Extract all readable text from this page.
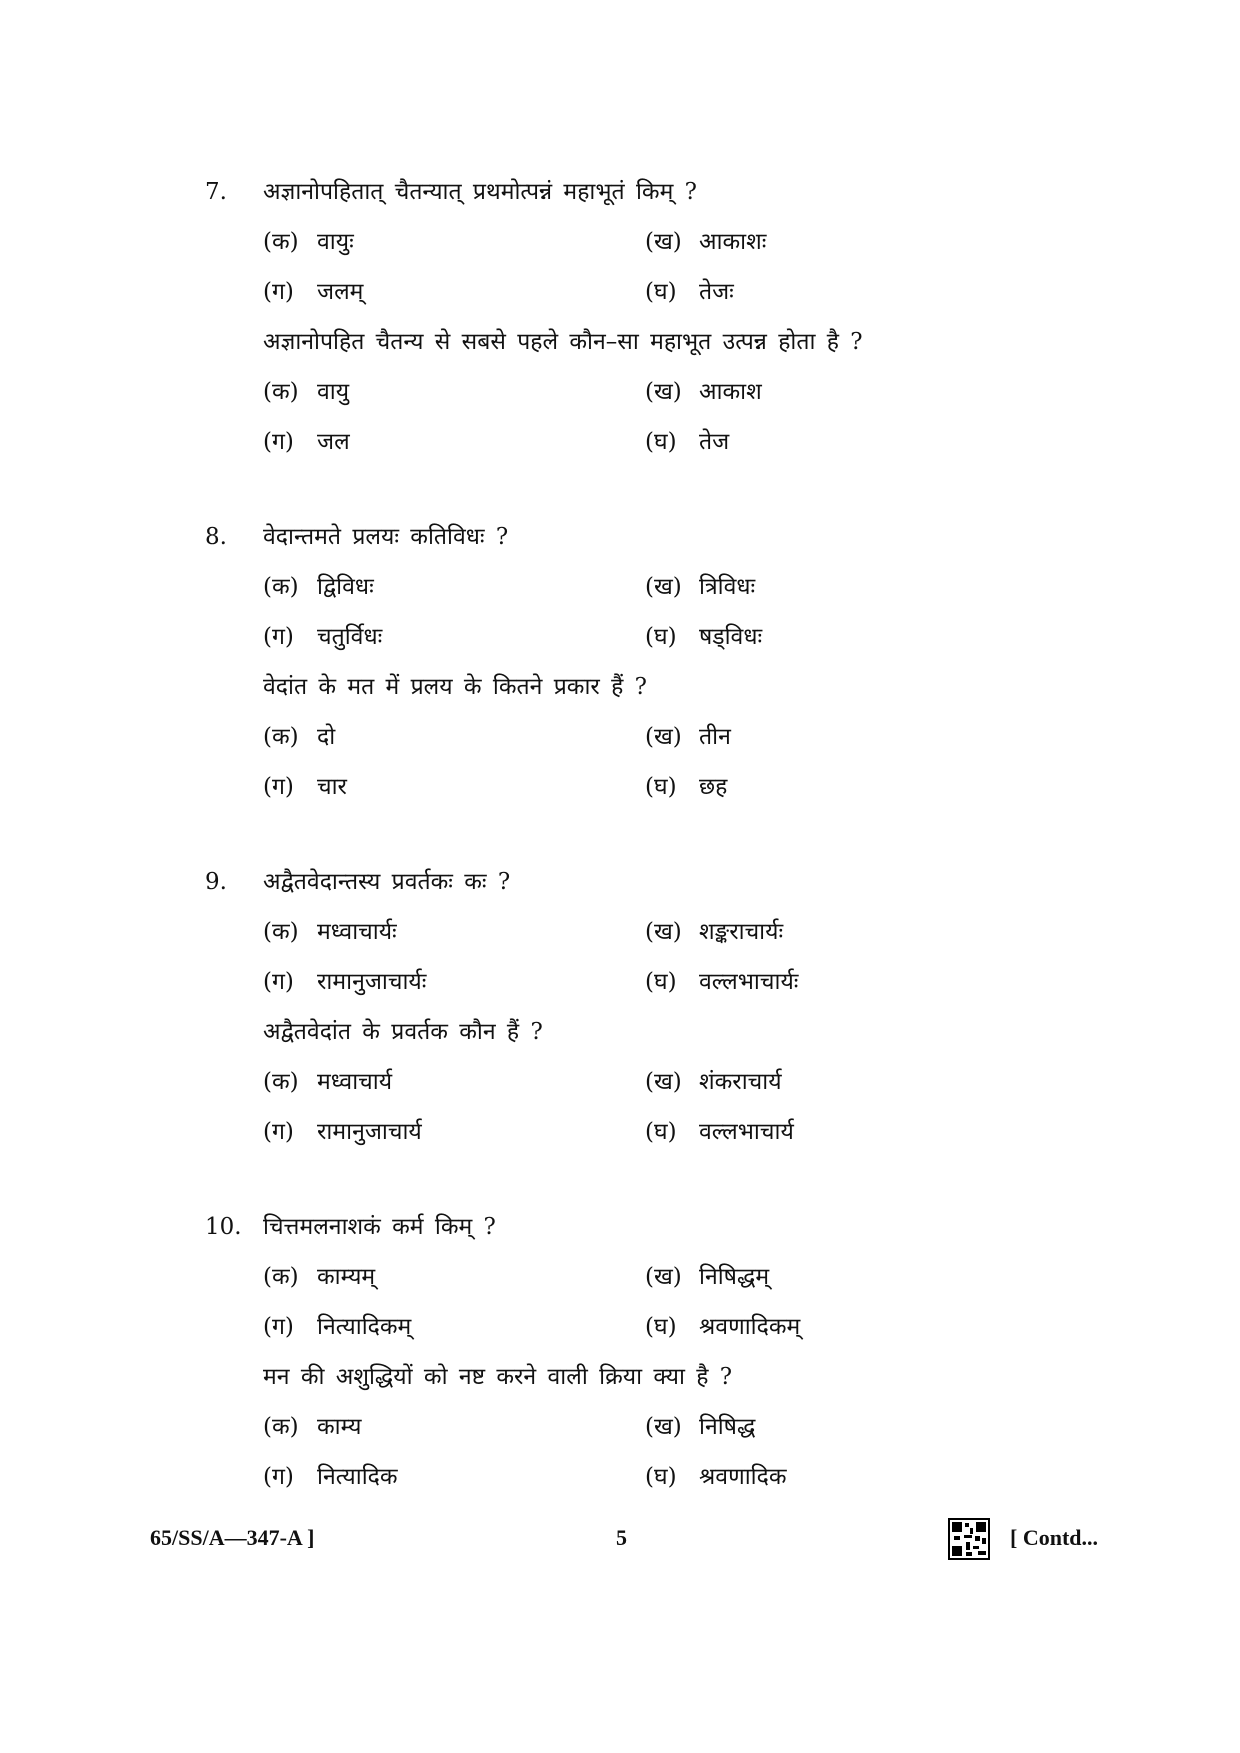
7. अज्ञानोपहितात् चैतन्यात् प्रथमोत्पन्नं महाभूतं किम् ?
(क) वायुः	(ख) आकाशः
(ग) जलम्	(घ) तेजः
अज्ञानोपहित चैतन्य से सबसे पहले कौन–सा महाभूत उत्पन्न होता है ?
(क) वायु	(ख) आकाश
(ग) जल	(घ) तेज
8. वेदान्तमते प्रलयः कतिविधः ?
(क) द्विविधः	(ख) त्रिविधः
(ग) चतुर्विधः	(घ) षड्विधः
वेदांत के मत में प्रलय के कितने प्रकार हैं ?
(क) दो	(ख) तीन
(ग) चार	(घ) छह
9. अद्वैतवेदान्तस्य प्रवर्तकः कः ?
(क) मध्वाचार्यः	(ख) शङ्कराचार्यः
(ग) रामानुजाचार्यः	(घ) वल्लभाचार्यः
अद्वैतवेदांत के प्रवर्तक कौन हैं ?
(क) मध्वाचार्य	(ख) शंकराचार्य
(ग) रामानुजाचार्य	(घ) वल्लभाचार्य
10. चित्तमलनाशकं कर्म किम् ?
(क) काम्यम्	(ख) निषिद्धम्
(ग) नित्यादिकम्	(घ) श्रवणादिकम्
मन की अशुद्धियों को नष्ट करने वाली क्रिया क्या है ?
(क) काम्य	(ख) निषिद्ध
(ग) नित्यादिक	(घ) श्रवणादिक
65/SS/A—347-A ]	5	[ Contd...
